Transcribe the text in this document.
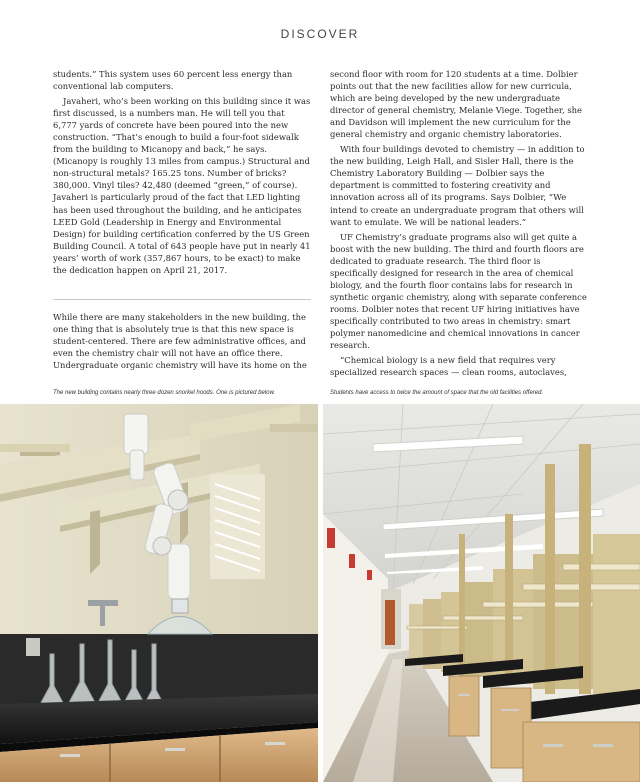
DISCOVER

students.” This system uses 60 percent less energy than conventional lab computers.

Javaheri, who’s been working on this building since it was first discussed, is a numbers man. He will tell you that 6,777 yards of concrete have been poured into the new construction. “That’s enough to build a four-foot sidewalk from the building to Micanopy and back,” he says. (Micanopy is roughly 13 miles from campus.) Structural and non-structural metals? 165.25 tons. Number of bricks? 380,000. Vinyl tiles? 42,480 (deemed “green,” of course). Javaheri is particularly proud of the fact that LED lighting has been used throughout the building, and he anticipates LEED Gold (Leadership in Energy and Environmental Design) for building certification conferred by the US Green Building Council. A total of 643 people have put in nearly 41 years’ worth of work (357,867 hours, to be exact) to make the dedication happen on April 21, 2017.

While there are many stakeholders in the new building, the one thing that is absolutely true is that this new space is student-centered. There are few administrative offices, and even the chemistry chair will not have an office there. Undergraduate organic chemistry will have its home on the

second floor with room for 120 students at a time. Dolbier points out that the new facilities allow for new curricula, which are being developed by the new undergraduate director of general chemistry, Melanie Viege. Together, she and Davidson will implement the new curriculum for the general chemistry and organic chemistry laboratories.

With four buildings devoted to chemistry — in addition to the new building, Leigh Hall, and Sisler Hall, there is the Chemistry Laboratory Building — Dolbier says the department is committed to fostering creativity and innovation across all of its programs. Says Dolbier, “We intend to create an undergraduate program that others will want to emulate. We will be national leaders.”

UF Chemistry’s graduate programs also will get quite a boost with the new building. The third and fourth floors are dedicated to graduate research. The third floor is specifically designed for research in the area of chemical biology, and the fourth floor contains labs for research in synthetic organic chemistry, along with separate conference rooms. Dolbier notes that recent UF hiring initiatives have specifically contributed to two areas in chemistry: smart polymer nanomedicine and chemical innovations in cancer research.

“Chemical biology is a new field that requires very specialized research spaces — clean rooms, autoclaves,

The new building contains nearly three dozen snorkel hoods. One is pictured below.	Students have access to twice the amount of space that the old facilities offered.
